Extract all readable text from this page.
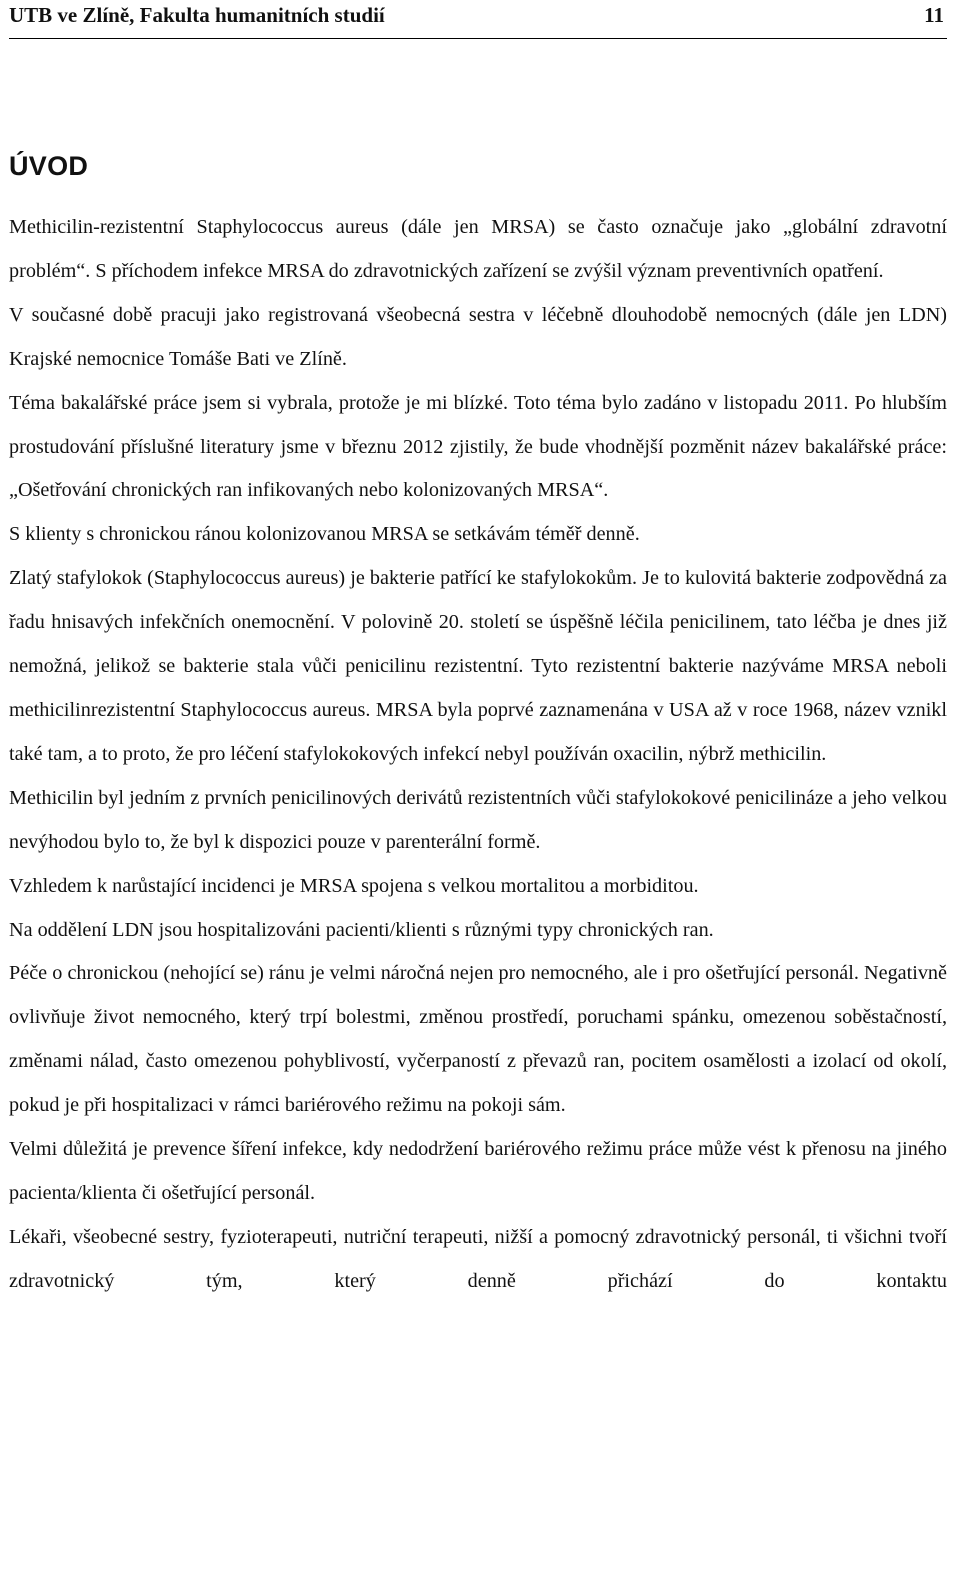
UTB ve Zlíně, Fakulta humanitních studií	11
ÚVOD

Methicilin-rezistentní Staphylococcus aureus (dále jen MRSA) se často označuje jako „globální zdravotní problém“. S příchodem infekce MRSA do zdravotnických zařízení se zvýšil význam preventivních opatření.

V současné době pracuji jako registrovaná všeobecná sestra v léčebně dlouhodobě nemocných (dále jen LDN) Krajské nemocnice Tomáše Bati ve Zlíně.

Téma bakalářské práce jsem si vybrala, protože je mi blízké. Toto téma bylo zadáno v listopadu 2011. Po hlubším prostudování příslušné literatury jsme v březnu 2012 zjistily, že bude vhodnější pozměnit název bakalářské práce: „Ošetřování chronických ran infikovaných nebo kolonizovaných MRSA“.

S klienty s chronickou ránou kolonizovanou MRSA se setkávám téměř denně.

Zlatý stafylokok (Staphylococcus aureus) je bakterie patřící ke stafylokokům. Je to kulovitá bakterie zodpovědná za řadu hnisavých infekčních onemocnění. V polovině 20. století se úspěšně léčila penicilinem, tato léčba je dnes již nemožná, jelikož se bakterie stala vůči penicilinu rezistentní. Tyto rezistentní bakterie nazýváme MRSA neboli methicilinrezistentní Staphylococcus aureus. MRSA byla poprvé zaznamenána v USA až v roce 1968, název vznikl také tam, a to proto, že pro léčení stafylokokových infekcí nebyl používán oxacilin, nýbrž methicilin.

Methicilin byl jedním z prvních penicilinových derivátů rezistentních vůči stafylokokové penicilináze a jeho velkou nevýhodou bylo to, že byl k dispozici pouze v parenterální formě.

Vzhledem k narůstající incidenci je MRSA spojena s velkou mortalitou a morbiditou.

Na oddělení LDN jsou hospitalizováni pacienti/klienti s různými typy chronických ran.

Péče o chronickou (nehojící se) ránu je velmi náročná nejen pro nemocného, ale i pro ošetřující personál. Negativně ovlivňuje život nemocného, který trpí bolestmi, změnou prostředí, poruchami spánku, omezenou soběstačností, změnami nálad, často omezenou pohyblivostí, vyčerpaností z převazů ran, pocitem osamělosti a izolací od okolí, pokud je při hospitalizaci v rámci bariérového režimu na pokoji sám.

Velmi důležitá je prevence šíření infekce, kdy nedodržení bariérového režimu práce může vést k přenosu na jiného pacienta/klienta či ošetřující personál.

Lékaři, všeobecné sestry, fyzioterapeuti, nutriční terapeuti, nižší a pomocný zdravotnický personál, ti všichni tvoří zdravotnický tým, který denně přichází do kontaktu
